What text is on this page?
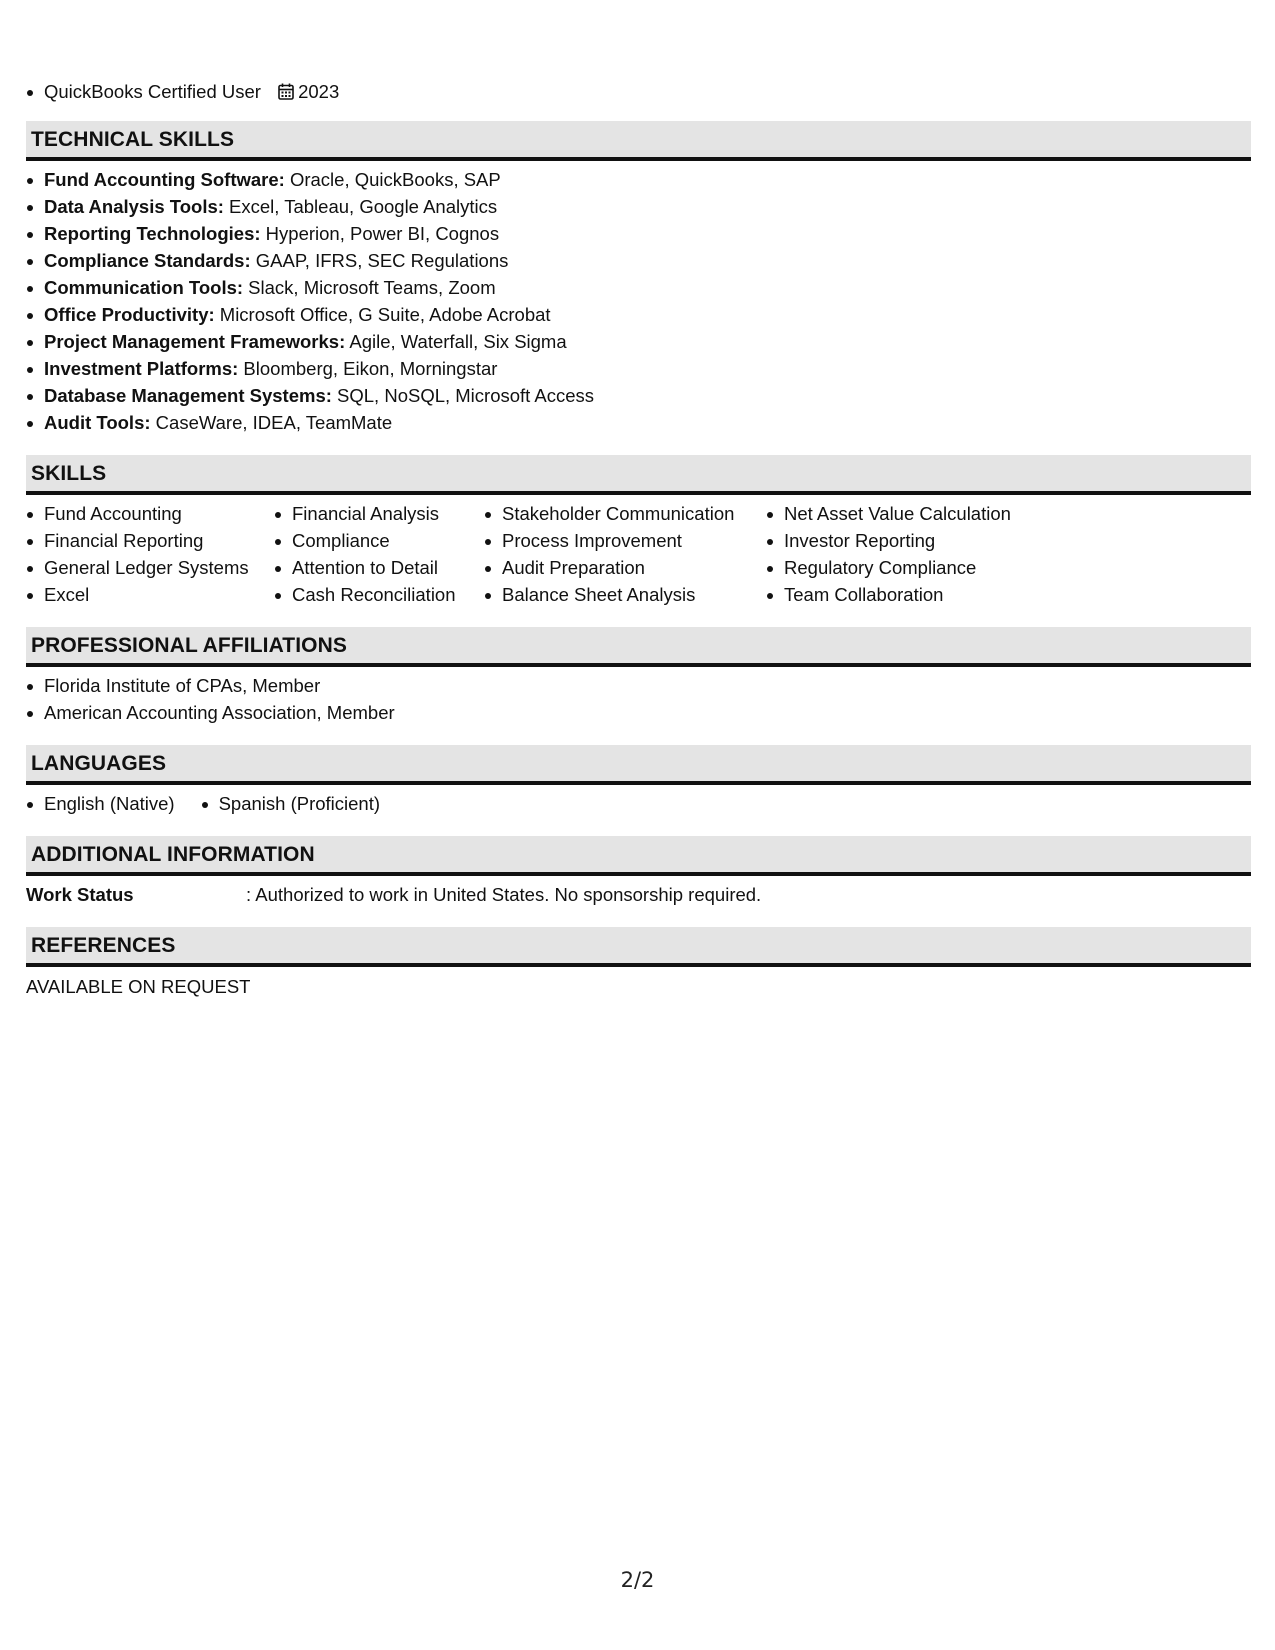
QuickBooks Certified User 2023
TECHNICAL SKILLS
Fund Accounting Software: Oracle, QuickBooks, SAP
Data Analysis Tools: Excel, Tableau, Google Analytics
Reporting Technologies: Hyperion, Power BI, Cognos
Compliance Standards: GAAP, IFRS, SEC Regulations
Communication Tools: Slack, Microsoft Teams, Zoom
Office Productivity: Microsoft Office, G Suite, Adobe Acrobat
Project Management Frameworks: Agile, Waterfall, Six Sigma
Investment Platforms: Bloomberg, Eikon, Morningstar
Database Management Systems: SQL, NoSQL, Microsoft Access
Audit Tools: CaseWare, IDEA, TeamMate
SKILLS
Fund Accounting
Financial Reporting
General Ledger Systems
Excel
Financial Analysis
Compliance
Attention to Detail
Cash Reconciliation
Stakeholder Communication
Process Improvement
Audit Preparation
Balance Sheet Analysis
Net Asset Value Calculation
Investor Reporting
Regulatory Compliance
Team Collaboration
PROFESSIONAL AFFILIATIONS
Florida Institute of CPAs, Member
American Accounting Association, Member
LANGUAGES
English (Native)	Spanish (Proficient)
ADDITIONAL INFORMATION
Work Status	: Authorized to work in United States. No sponsorship required.
REFERENCES
AVAILABLE ON REQUEST
2/2
